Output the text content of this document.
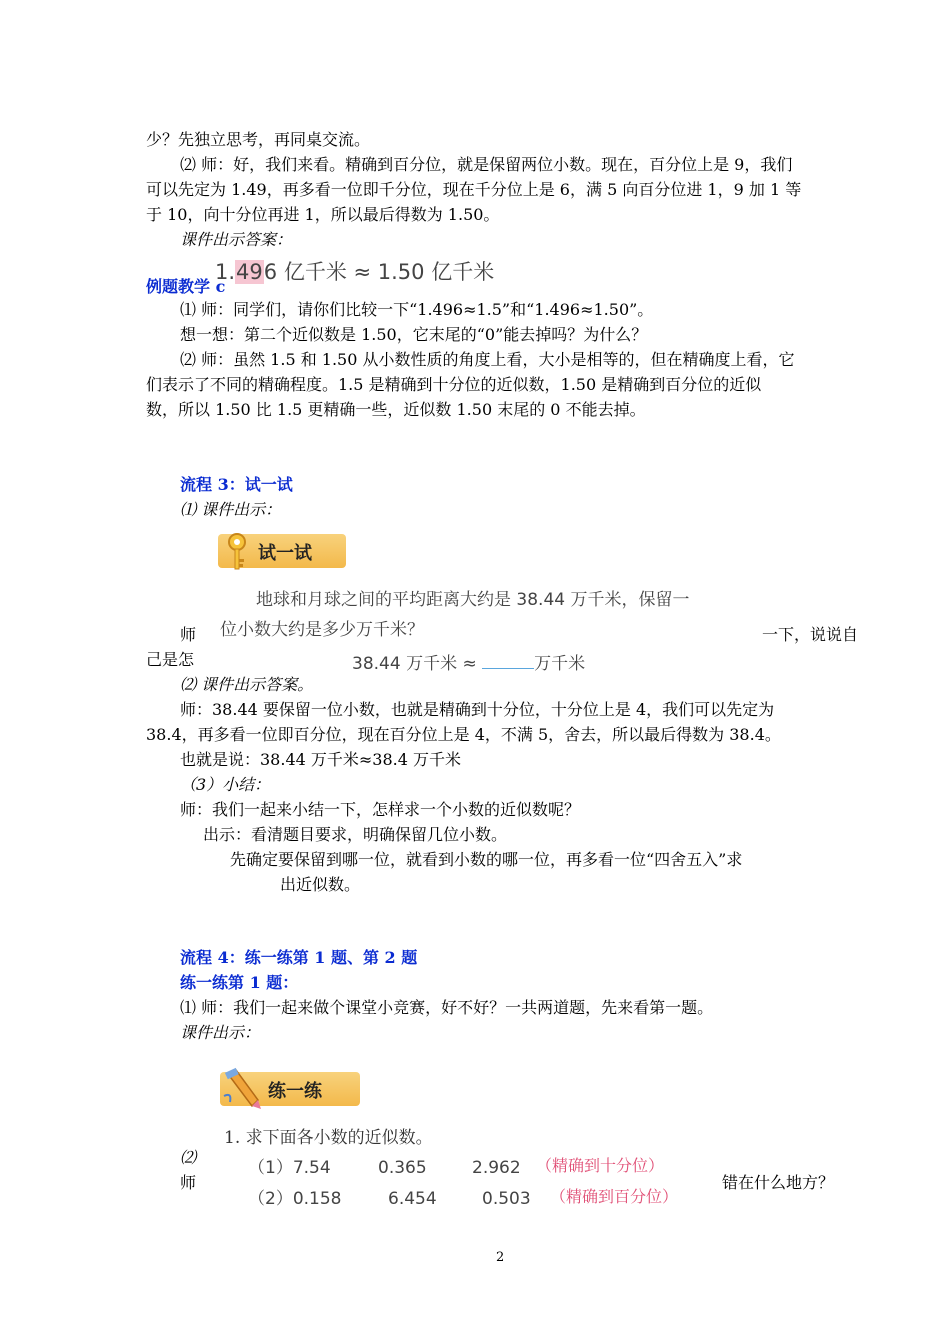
少？先独立思考，再同桌交流。
⑵ 师：好，我们来看。精确到百分位，就是保留两位小数。现在，百分位上是 9，我们
可以先定为 1.49，再多看一位即千分位，现在千分位上是 6，满 5 向百分位进 1，9 加 1 等
于 10，向十分位再进 1，所以最后得数为 1.50。
课件出示答案：
1.496 亿千米 ≈ 1.50 亿千米
例题教学 c
⑴ 师：同学们，请你们比较一下“1.496≈1.5”和“1.496≈1.50”。
想一想：第二个近似数是 1.50，它末尾的“0”能去掉吗？为什么？
⑵ 师：虽然 1.5 和 1.50 从小数性质的角度上看，大小是相等的，但在精确度上看，它
们表示了不同的精确程度。1.5 是精确到十分位的近似数，1.50 是精确到百分位的近似
数，所以 1.50 比 1.5 更精确一些，近似数 1.50 末尾的 0 不能去掉。
流程 3：试一试
⑴ 课件出示：
师	一下，说说自
己是怎
试一试
地球和月球之间的平均距离大约是 38.44 万千米，保留一
位小数大约是多少万千米？
38.44 万千米 ≈	万千米
⑵ 课件出示答案。
师：38.44 要保留一位小数，也就是精确到十分位，十分位上是 4，我们可以先定为
38.4，再多看一位即百分位，现在百分位上是 4，不满 5，舍去，所以最后得数为 38.4。
也就是说：38.44 万千米≈38.4 万千米
（3）小结：
师：我们一起来小结一下，怎样求一个小数的近似数呢？
出示：看清题目要求，明确保留几位小数。
先确定要保留到哪一位，就看到小数的哪一位，再多看一位“四舍五入”求
出近似数。
流程 4：练一练第 1 题、第 2 题
练一练第 1 题：
⑴ 师：我们一起来做个课堂小竞赛，好不好？一共两道题，先来看第一题。
课件出示：
⑵
师	错在什么地方？
练一练
1. 求下面各小数的近似数。
（1）7.54	0.365	2.962 （精确到十分位）
（2）0.158	6.454	0.503 （精确到百分位）
2
